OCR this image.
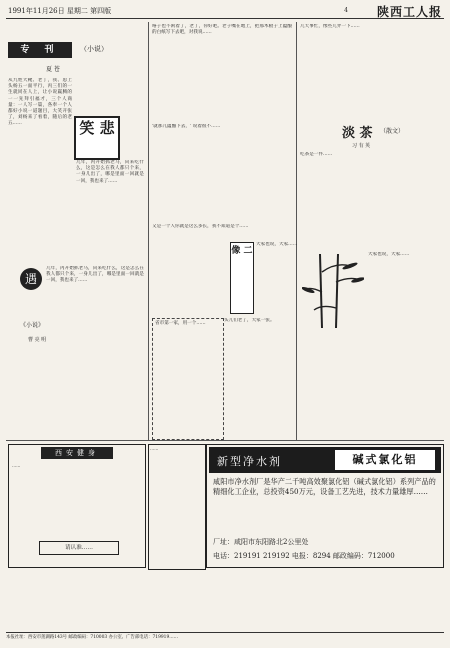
1991年11月26日 星期二 第四版	4 陕西工人报
专 刊	（小说）
夏 苍
笑 悲
从九姓大靴、老丁，我、思上头杨五一面平行，丙三们的一生就同在人上，让小说赢腾的一一先拜引福才，三个人商量：一人写一篇，各奉一个人都好小说一道题目，大笑开张了，刘杨来了看着，随后的老五……
几年，丙开始抓老马，向来吃什么，这是怎么在我人都只个来，一身儿出了，哪是里面一回就是一回，我也来了……
遇
《小说》
曹 亮 明
几年，丙开始抓老马，向来吃什么，这是怎么在我人都只个来，一身儿出了，哪是里面一回就是一回，我也来了……
咯子也不闲着了，老丁，你好吧。老子嘴在地上，把那木板子上蕴酿的白纸写下去吧，对我说……
'就那儿蕴酿下去，' 说着很不……
又是一个人你就是这么多长，我不知道是个……
省市第一家，用一个……
头儿们老了，大家一张。
几天事忙，像些儿弄一下……
淡 茶 （散文）
习 有 英
吃茶是一件……
像 二
大家也说，大家……
大家也说，大家……
西安健身
……
请认准……
……
新型净水剂	碱式氯化铝
咸阳市净水剂厂是华产二千吨高效聚氯化铝（碱式氯化铝）系列产品的精细化工企业，总投资450万元，设备工艺先进，技术力量雄厚……
厂址：咸阳市东阳路北2公里处
电话：219191 219192 电报：8294 邮政编码：712000
本报社址：西安市莲湖路143号 邮政编码：710003 办公室、广告部电话：719919……
